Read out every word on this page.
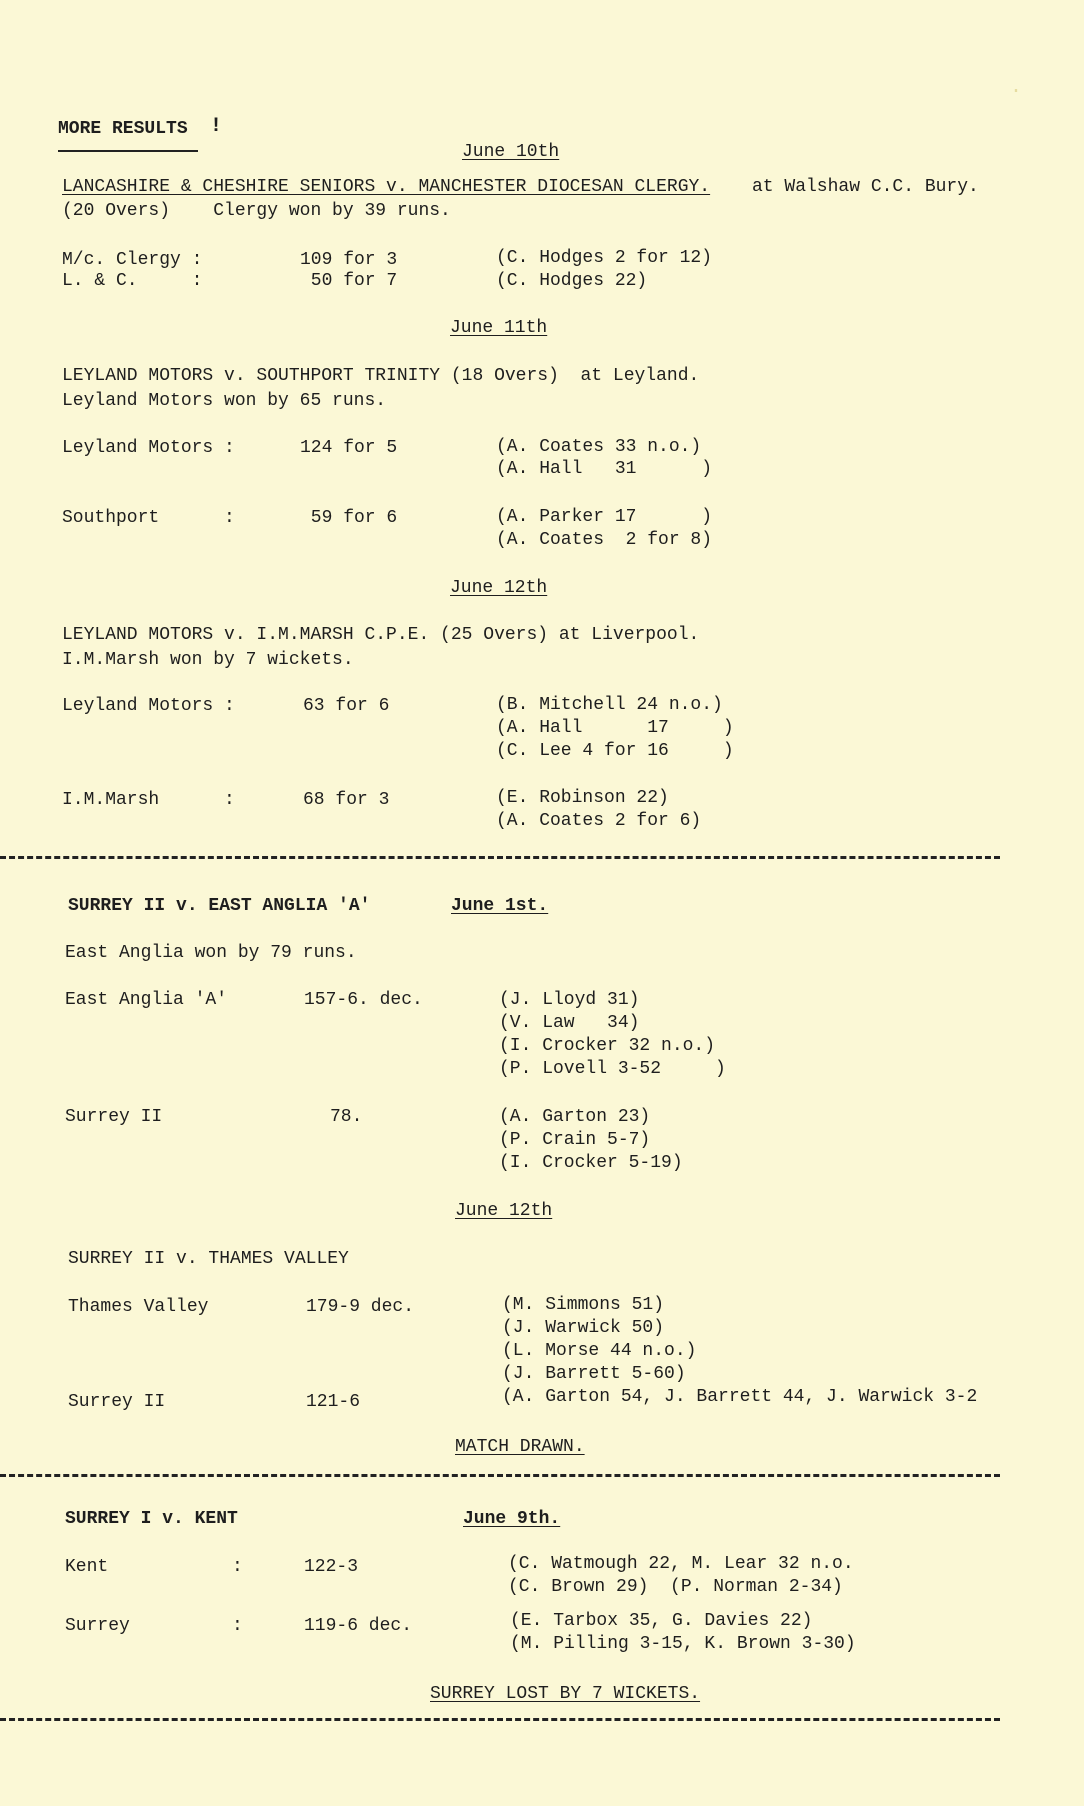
·
MORE RESULTS !
June 10th
LANCASHIRE & CHESHIRE SENIORS v. MANCHESTER DIOCESAN CLERGY. at Walshaw C.C. Bury.
(20 Overs)    Clergy won by 39 runs.
M/c. Clergy :	109 for 3	(C. Hodges 2 for 12)
L. & C.     :	50 for 7	(C. Hodges 22)
June 11th
LEYLAND MOTORS v. SOUTHPORT TRINITY (18 Overs)  at Leyland.
Leyland Motors won by 65 runs.
Leyland Motors :	124 for 5	(A. Coates 33 n.o.)
(A. Hall   31      )
Southport      :	59 for 6	(A. Parker 17      )
(A. Coates  2 for 8)
June 12th
LEYLAND MOTORS v. I.M.MARSH C.P.E. (25 Overs) at Liverpool.
I.M.Marsh won by 7 wickets.
Leyland Motors :	63 for 6	(B. Mitchell 24 n.o.)
(A. Hall      17     )
(C. Lee 4 for 16     )
I.M.Marsh      :	68 for 3	(E. Robinson 22)
(A. Coates 2 for 6)
SURREY II v. EAST ANGLIA 'A'	June 1st.
East Anglia won by 79 runs.
East Anglia 'A'	157-6. dec.	(J. Lloyd 31)
(V. Law   34)
(I. Crocker 32 n.o.)
(P. Lovell 3-52     )
Surrey II	78.	(A. Garton 23)
(P. Crain 5-7)
(I. Crocker 5-19)
June 12th
SURREY II v. THAMES VALLEY
Thames Valley	179-9 dec.	(M. Simmons 51)
(J. Warwick 50)
(L. Morse 44 n.o.)
(J. Barrett 5-60)
Surrey II	121-6	(A. Garton 54, J. Barrett 44, J. Warwick 3-2
MATCH DRAWN.
SURREY I v. KENT	June 9th.
Kent	:	122-3	(C. Watmough 22, M. Lear 32 n.o.
(C. Brown 29)  (P. Norman 2-34)
Surrey	:	119-6 dec.	(E. Tarbox 35, G. Davies 22)
(M. Pilling 3-15, K. Brown 3-30)
SURREY LOST BY 7 WICKETS.
